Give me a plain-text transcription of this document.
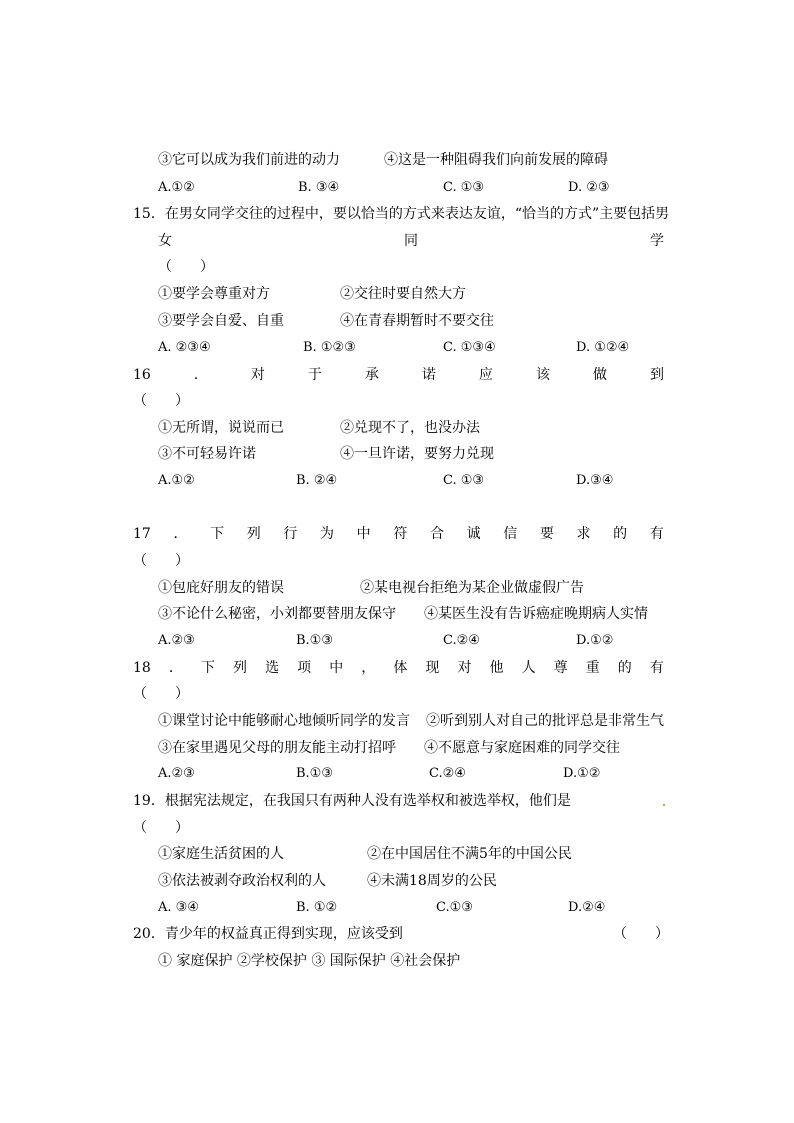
③它可以成为我们前进的动力	④这是一种阻碍我们向前发展的障碍
A.①②	B. ③④	C. ①③	D. ②③
15．在男女同学交往的过程中，要以恰当的方式来表达友谊，“恰当的方式”主要包括男
女	同	学
（　　）
①要学会尊重对方	②交往时要自然大方
③要学会自爱、自重	④在青春期暂时不要交往
A. ②③④	B. ①②③	C. ①③④	D. ①②④
16	．	对	于	承	诺	应	该	做	到
（　　）
①无所谓，说说而已	②兑现不了，也没办法
③不可轻易许诺	④一旦许诺，要努力兑现
A.①②	B. ②④	C. ①③	D.③④
17 ． 下 列 行 为 中 符 合 诚 信 要 求 的 有
（　　）
①包庇好朋友的错误	②某电视台拒绝为某企业做虚假广告
③不论什么秘密，小刘都要替朋友保守 ④某医生没有告诉癌症晚期病人实情
A.②③	B.①③	C.②④	D.①②
18 ． 下 列 选 项 中 ， 体 现 对 他 人 尊 重 的 有
（　　）
①课堂讨论中能够耐心地倾听同学的发言 ②听到别人对自己的批评总是非常生气
③在家里遇见父母的朋友能主动打招呼 ④不愿意与家庭困难的同学交往
A.②③	B.①③	C.②④	D.①②
19．根据宪法规定，在我国只有两种人没有选举权和被选举权，他们是
（　　）
①家庭生活贫困的人	②在中国居住不满5年的中国公民
③依法被剥夺政治权利的人	④未满18周岁的公民
A. ③④	B. ①②	C.①③	D.②④
20．青少年的权益真正得到实现，应该受到	（　　）
① 家庭保护 ②学校保护 ③ 国际保护 ④社会保护
